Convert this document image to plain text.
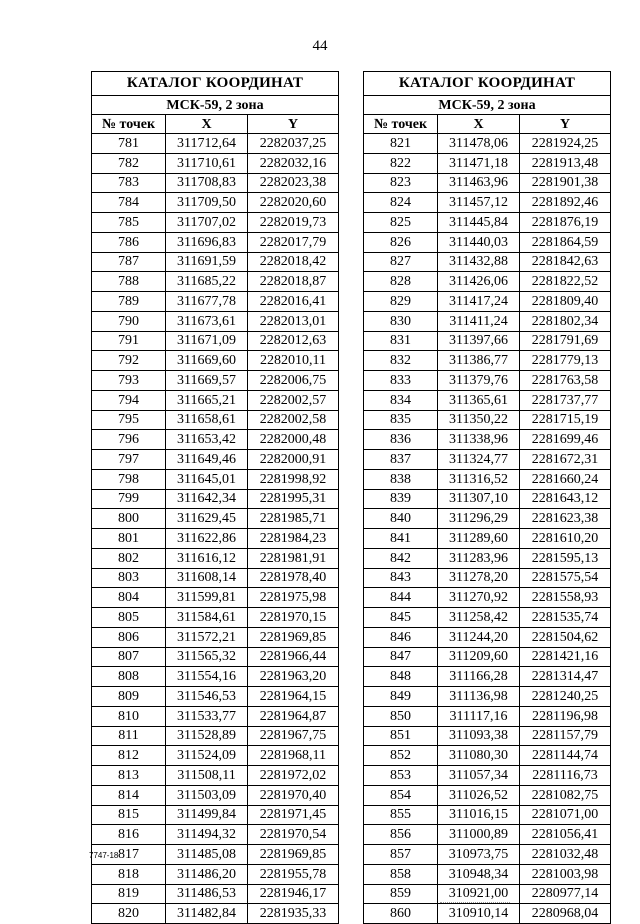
44
КАТАЛОГ КООРДИНАТ		
МСК-59, 2 зона		
№ точек	X	Y
781	311712,64	2282037,25
782	311710,61	2282032,16
783	311708,83	2282023,38
784	311709,50	2282020,60
785	311707,02	2282019,73
786	311696,83	2282017,79
787	311691,59	2282018,42
788	311685,22	2282018,87
789	311677,78	2282016,41
790	311673,61	2282013,01
791	311671,09	2282012,63
792	311669,60	2282010,11
793	311669,57	2282006,75
794	311665,21	2282002,57
795	311658,61	2282002,58
796	311653,42	2282000,48
797	311649,46	2282000,91
798	311645,01	2281998,92
799	311642,34	2281995,31
800	311629,45	2281985,71
801	311622,86	2281984,23
802	311616,12	2281981,91
803	311608,14	2281978,40
804	311599,81	2281975,98
805	311584,61	2281970,15
806	311572,21	2281969,85
807	311565,32	2281966,44
808	311554,16	2281963,20
809	311546,53	2281964,15
810	311533,77	2281964,87
811	311528,89	2281967,75
812	311524,09	2281968,11
813	311508,11	2281972,02
814	311503,09	2281970,40
815	311499,84	2281971,45
816	311494,32	2281970,54
817	311485,08	2281969,85
818	311486,20	2281955,78
819	311486,53	2281946,17
820	311482,84	2281935,33
КАТАЛОГ КООРДИНАТ		
МСК-59, 2 зона		
№ точек	X	Y
821	311478,06	2281924,25
822	311471,18	2281913,48
823	311463,96	2281901,38
824	311457,12	2281892,46
825	311445,84	2281876,19
826	311440,03	2281864,59
827	311432,88	2281842,63
828	311426,06	2281822,52
829	311417,24	2281809,40
830	311411,24	2281802,34
831	311397,66	2281791,69
832	311386,77	2281779,13
833	311379,76	2281763,58
834	311365,61	2281737,77
835	311350,22	2281715,19
836	311338,96	2281699,46
837	311324,77	2281672,31
838	311316,52	2281660,24
839	311307,10	2281643,12
840	311296,29	2281623,38
841	311289,60	2281610,20
842	311283,96	2281595,13
843	311278,20	2281575,54
844	311270,92	2281558,93
845	311258,42	2281535,74
846	311244,20	2281504,62
847	311209,60	2281421,16
848	311166,28	2281314,47
849	311136,98	2281240,25
850	311117,16	2281196,98
851	311093,38	2281157,79
852	311080,30	2281144,74
853	311057,34	2281116,73
854	311026,52	2281082,75
855	311016,15	2281071,00
856	311000,89	2281056,41
857	310973,75	2281032,48
858	310948,34	2281003,98
859	310921,00	2280977,14
860	310910,14	2280968,04
7747-18
